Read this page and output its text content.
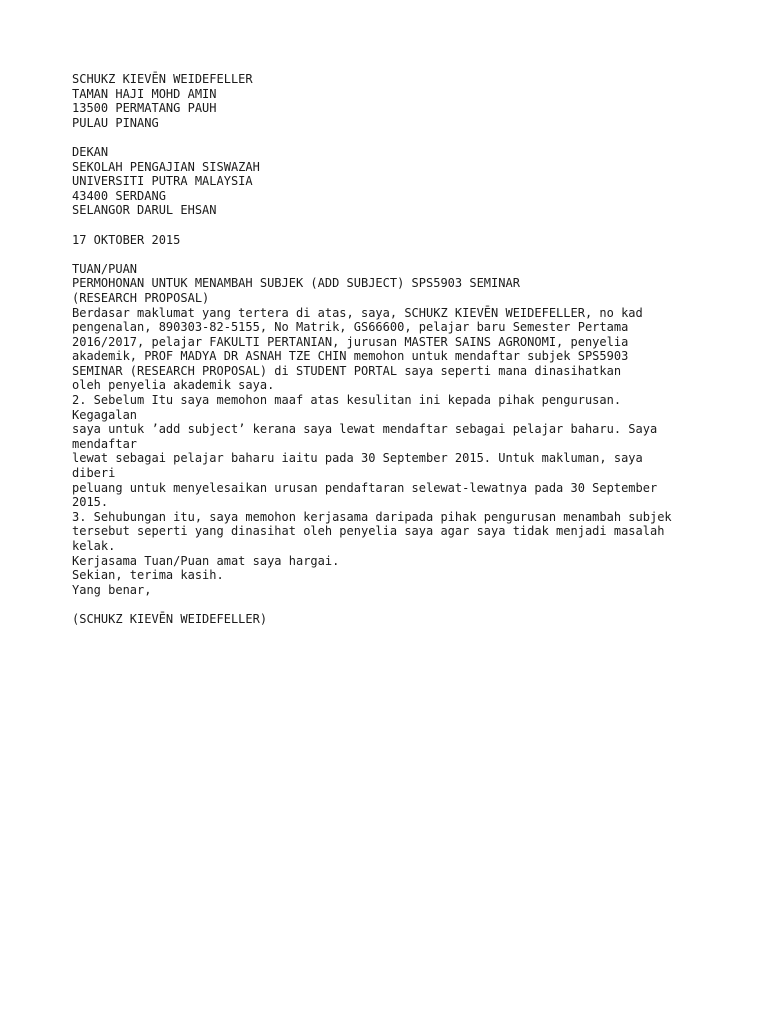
SCHUKZ KIEVĒN WEIDEFELLER
TAMAN HAJI MOHD AMIN
13500 PERMATANG PAUH
PULAU PINANG
DEKAN
SEKOLAH PENGAJIAN SISWAZAH
UNIVERSITI PUTRA MALAYSIA
43400 SERDANG
SELANGOR DARUL EHSAN
17 OKTOBER 2015
TUAN/PUAN
PERMOHONAN UNTUK MENAMBAH SUBJEK (ADD SUBJECT) SPS5903 SEMINAR
(RESEARCH PROPOSAL)
Berdasar maklumat yang tertera di atas, saya, SCHUKZ KIEVĒN WEIDEFELLER, no kad
pengenalan, 890303-82-5155, No Matrik, GS66600, pelajar baru Semester Pertama
2016/2017, pelajar FAKULTI PERTANIAN, jurusan MASTER SAINS AGRONOMI, penyelia
akademik, PROF MADYA DR ASNAH TZE CHIN memohon untuk mendaftar subjek SPS5903
SEMINAR (RESEARCH PROPOSAL) di STUDENT PORTAL saya seperti mana dinasihatkan
oleh penyelia akademik saya.
2. Sebelum Itu saya memohon maaf atas kesulitan ini kepada pihak pengurusan.
Kegagalan
saya untuk ’add subject’ kerana saya lewat mendaftar sebagai pelajar baharu. Saya
mendaftar
lewat sebagai pelajar baharu iaitu pada 30 September 2015. Untuk makluman, saya
diberi
peluang untuk menyelesaikan urusan pendaftaran selewat-lewatnya pada 30 September
2015.
3. Sehubungan itu, saya memohon kerjasama daripada pihak pengurusan menambah subjek
tersebut seperti yang dinasihat oleh penyelia saya agar saya tidak menjadi masalah
kelak.
Kerjasama Tuan/Puan amat saya hargai.
Sekian, terima kasih.
Yang benar,
(SCHUKZ KIEVĒN WEIDEFELLER)
